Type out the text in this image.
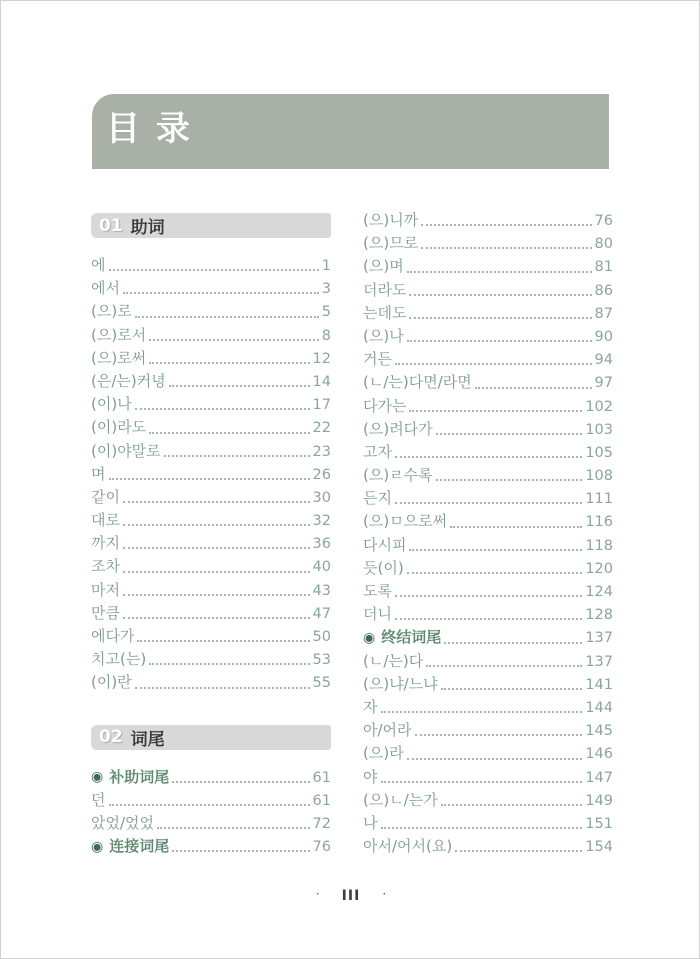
目 录
01 助词
에	1
에서	3
(으)로	5
(으)로서	8
(으)로써	12
(은/는)커녕	14
(이)나	17
(이)라도	22
(이)야말로	23
며	26
같이	30
대로	32
까지	36
조차	40
마저	43
만큼	47
에다가	50
치고(는)	53
(이)란	55
02 词尾
◉ 补助词尾	61
던	61
았었/었었	72
◉ 连接词尾	76
(으)니까	76
(으)므로	80
(으)며	81
더라도	86
는데도	87
(으)나	90
거든	94
(ㄴ/는)다면/라면	97
다가는	102
(으)려다가	103
고자	105
(으)ㄹ수록	108
든지	111
(으)ㅁ으로써	116
다시피	118
듯(이)	120
도록	124
더니	128
◉ 终结词尾	137
(ㄴ/는)다	137
(으)냐/느냐	141
자	144
아/어라	145
(으)라	146
야	147
(으)ㄴ/는가	149
나	151
아서/어서(요)	154
· III ·
